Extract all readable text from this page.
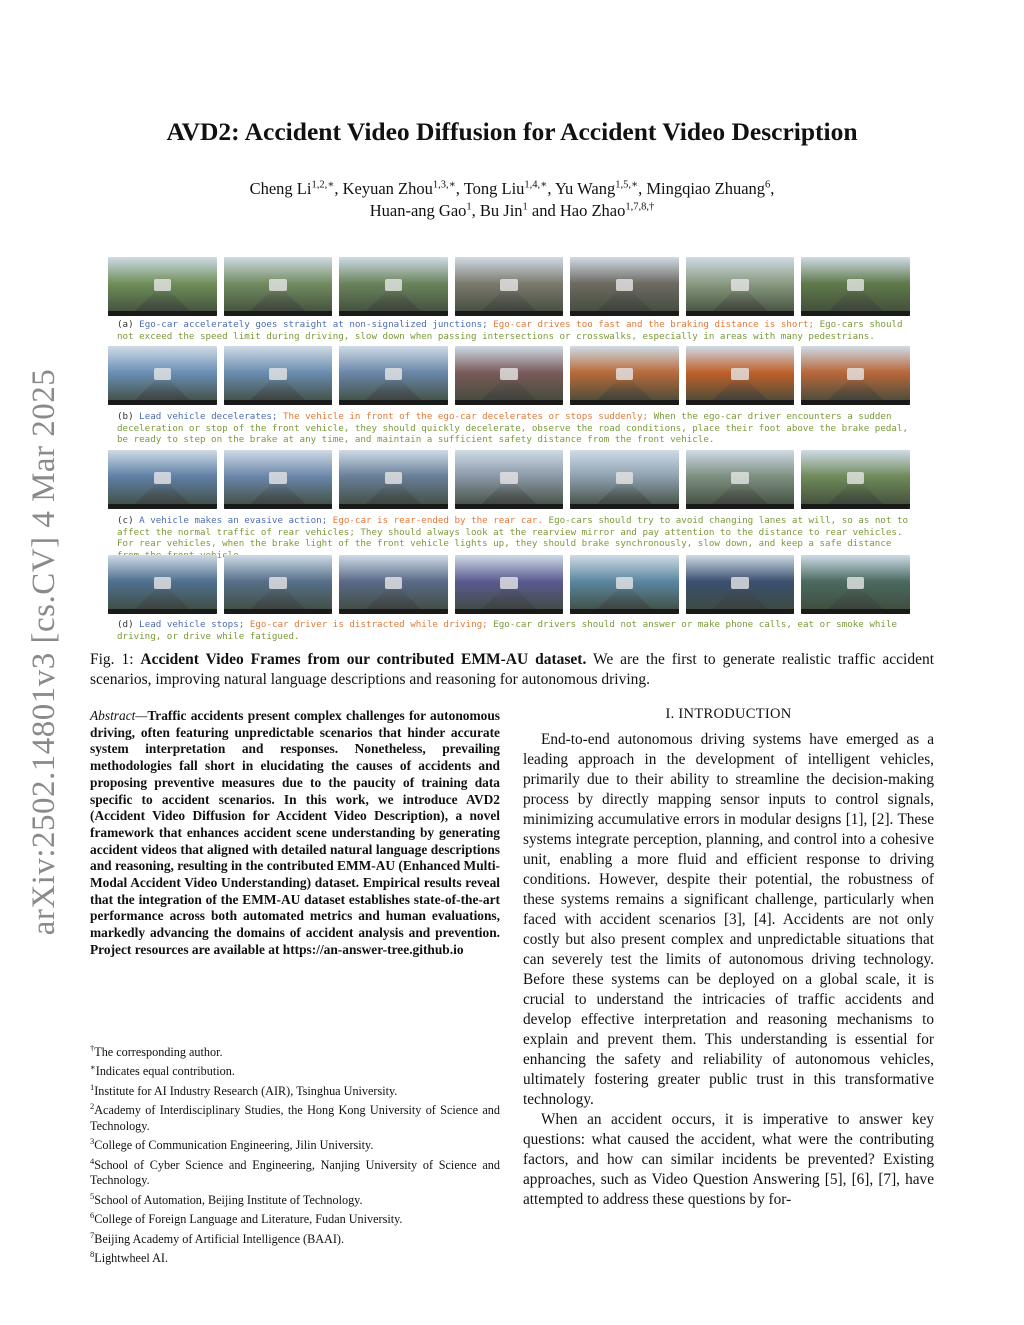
arXiv:2502.14801v3 [cs.CV] 4 Mar 2025
AVD2: Accident Video Diffusion for Accident Video Description
Cheng $Li^{1,2,∗}$, Keyuan Zhou$^{1,3,∗}$, Tong Liu$^{1,4,∗}$, Yu Wang$^{1,5,∗}$, Mingqiao Zhuang$^6$,
Huan-ang Gao$^1$, Bu Jin$^1$ and Hao Zhao$^{1,7,8,\dagger}$
(a) Ego-car accelerately goes straight at non-signalized junctions; Ego-car drives too fast and the braking distance is short; Ego-cars should not exceed the speed limit during driving, slow down when passing intersections or crosswalks, especially in areas with many pedestrians.
(b) Lead vehicle decelerates; The vehicle in front of the ego-car decelerates or stops suddenly; When the ego-car driver encounters a sudden deceleration or stop of the front vehicle, they should quickly decelerate, observe the road conditions, place their foot above the brake pedal, be ready to step on the brake at any time, and maintain a sufficient safety distance from the front vehicle.
(c) A vehicle makes an evasive action; Ego-car is rear-ended by the rear car. Ego-cars should try to avoid changing lanes at will, so as not to affect the normal traffic of rear vehicles; They should always look at the rearview mirror and pay attention to the distance to rear vehicles. For rear vehicles, when the brake light of the front vehicle lights up, they should brake synchronously, slow down, and keep a safe distance vehicle.
(d) Lead vehicle stops; Ego-car driver is distracted while driving; Ego-car drivers should not answer or make phone calls, eat or smoke while driving, or drive while fatigued.
Fig. 1: Accident Video Frames from our contributed EMM-AU dataset. We are the first to generate realistic traffic accident scenarios, improving natural language descriptions and reasoning for autonomous driving.
Abstract—Traffic accidents present complex challenges for autonomous driving, often featuring unpredictable scenarios that hinder accurate system interpretation and responses. Nonetheless, prevailing methodologies fall short in elucidating the causes of accidents and proposing preventive measures due to the paucity of training data specific to accident scenarios. In this work, we introduce AVD2 (Accident Video Diffusion for Accident Video Description), a novel framework that enhances accident scene understanding by generating accident videos that aligned with detailed natural language descriptions and reasoning, resulting in the contributed EMM-AU (Enhanced Multi-Modal Accident Video Understanding) dataset. Empirical results reveal that the integration of the EMM-AU dataset establishes state-of-the-art performance across both automated metrics and human evaluations, markedly advancing the domains of accident analysis and prevention. Project resources are available at https://an-answer-tree.github.io
†The corresponding author.
∗Indicates equal contribution.
$^1$Institute for AI Industry Research (AIR), Tsinghua University.
$^2$Academy of Interdisciplinary Studies, the Hong Kong University of Science and Technology.
$^3$College of Communication Engineering, Jilin University.
$^4$School of Cyber Science and Engineering, Nanjing University of Science and Technology.
$^5$School of Automation, Beijing Institute of Technology.
$^6$College of Foreign Language and Literature, Fudan University.
$^7$Beijing Academy of Artificial Intelligence (BAAI).
$^8$Lightwheel AI.
I. INTRODUCTION

End-to-end autonomous driving systems have emerged as a leading approach in the development of intelligent vehicles, primarily due to their ability to streamline the decision-making process by directly mapping sensor inputs to control signals, minimizing accumulative errors in modular designs [1], [2]. These systems integrate perception, planning, and control into a cohesive unit, enabling a more fluid and efficient response to driving conditions. However, despite their potential, the robustness of these systems remains a significant challenge, particularly when faced with accident scenarios [3], [4]. Accidents are not only costly but also present complex and unpredictable situations that can severely test the limits of autonomous driving technology. Before these systems can be deployed on a global scale, it is crucial to understand the intricacies of traffic accidents and develop effective interpretation and reasoning mechanisms to explain and prevent them. This understanding is essential for enhancing the safety and reliability of autonomous vehicles, ultimately fostering greater public trust in this transformative technology.

When an accident occurs, it is imperative to answer key questions: what caused the accident, what were the contributing factors, and how can similar incidents be prevented? Existing approaches, such as Video Question Answering [5], [6], [7], have attempted to address these questions by for-
